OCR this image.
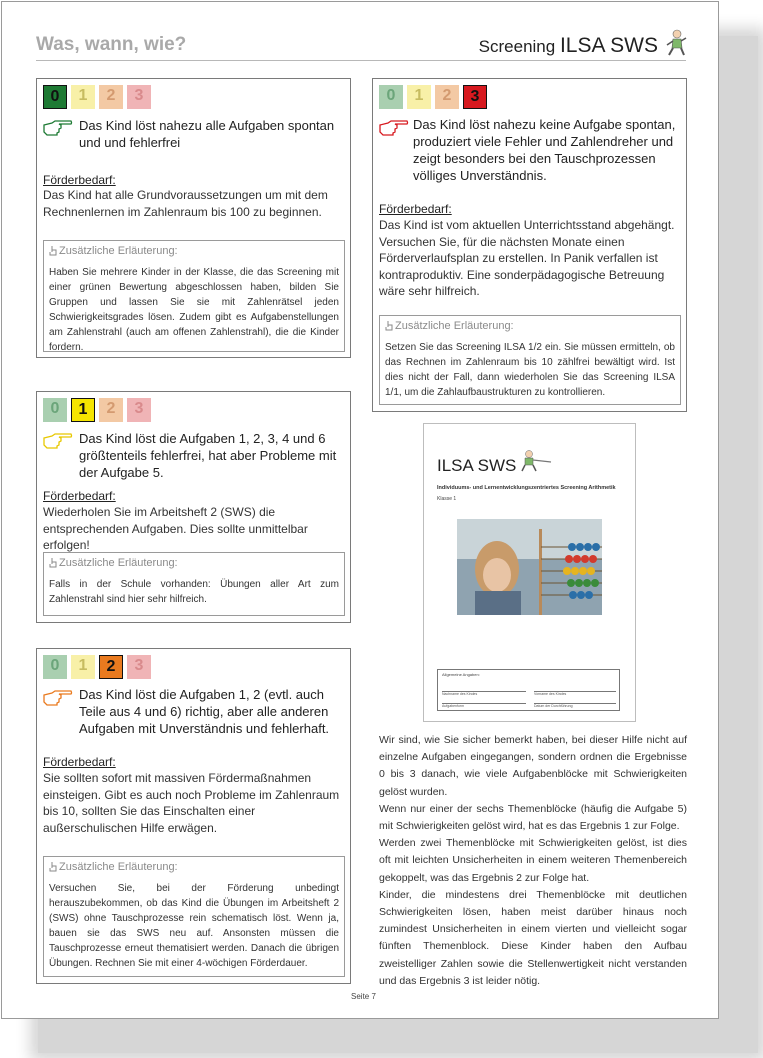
Was, wann, wie?	Screening ILSA SWS
0	1	2	3
Das Kind löst nahezu alle Aufgaben spontan und und fehlerfrei
Förderbedarf:
Das Kind hat alle Grundvoraussetzungen um mit dem Rechnenlernen im Zahlenraum bis 100 zu beginnen.
Zusätzliche Erläuterung:
Haben Sie mehrere Kinder in der Klasse, die das Screening mit einer grünen Bewertung abgeschlossen haben, bilden Sie Gruppen und lassen Sie sie mit Zahlenrätsel jeden Schwierigkeitsgrades lösen. Zudem gibt es Aufgabenstellungen am Zahlenstrahl (auch am offenen Zahlenstrahl), die die Kinder fordern.
0	1	2	3
Das Kind löst die Aufgaben 1, 2, 3, 4 und 6 größtenteils fehlerfrei, hat aber Probleme mit der Aufgabe 5.
Förderbedarf:
Wiederholen Sie im Arbeitsheft 2 (SWS) die entsprechenden Aufgaben. Dies sollte unmittelbar erfolgen!
Zusätzliche Erläuterung:
Falls in der Schule vorhanden: Übungen aller Art zum Zahlenstrahl sind hier sehr hilfreich.
0	1	2	3
Das Kind löst die Aufgaben 1, 2 (evtl. auch Teile aus 4 und 6) richtig, aber alle anderen Aufgaben mit Unverständnis und fehlerhaft.
Förderbedarf:
Sie sollten sofort mit massiven Fördermaßnahmen einsteigen. Gibt es auch noch Probleme im Zahlenraum bis 10, sollten Sie das Einschalten einer außerschulischen Hilfe erwägen.
Zusätzliche Erläuterung:
Versuchen Sie, bei der Förderung unbedingt herauszubekommen, ob das Kind die Übungen im Arbeitsheft 2 (SWS) ohne Tauschprozesse rein schematisch löst. Wenn ja, bauen sie das SWS neu auf. Ansonsten müssen die Tauschprozesse erneut thematisiert werden. Danach die übrigen Übungen. Rechnen Sie mit einer 4-wöchigen Förderdauer.
0	1	2	3
Das Kind löst nahezu keine Aufgabe spontan, produziert viele Fehler und Zahlendreher und zeigt besonders bei den Tauschprozessen völliges Unverständnis.
Förderbedarf:
Das Kind ist vom aktuellen Unterrichtsstand abgehängt. Versuchen Sie, für die nächsten Monate einen Förderverlaufsplan zu erstellen. In Panik verfallen ist kontraproduktiv. Eine sonderpädagogische Betreuung wäre sehr hilfreich.
Zusätzliche Erläuterung:
Setzen Sie das Screening ILSA 1/2 ein. Sie müssen ermitteln, ob das Rechnen im Zahlenraum bis 10 zählfrei bewältigt wird. Ist dies nicht der Fall, dann wiederholen Sie das Screening ILSA 1/1, um die Zahlaufbaustrukturen zu kontrollieren.
ILSA SWS
Individuums- und Lernentwicklungszentriertes Screening Arithmetik
Klasse 1
Allgemeine Angaben:
Nachname des Kindes	Vorname des Kindes
Aufgabenform	Datum der Durchführung

Wir sind, wie Sie sicher bemerkt haben, bei dieser Hilfe nicht auf einzelne Aufgaben eingegangen, sondern ordnen die Ergebnisse 0 bis 3 danach, wie viele Aufgabenblöcke mit Schwierigkeiten gelöst wurden.

Wenn nur einer der sechs Themenblöcke (häufig die Aufgabe 5) mit Schwierigkeiten gelöst wird, hat es das Ergebnis 1 zur Folge.

Werden zwei Themenblöcke mit Schwierigkeiten gelöst, ist dies oft mit leichten Unsicherheiten in einem weiteren Themenbereich gekoppelt, was das Ergebnis 2 zur Folge hat.

Kinder, die mindestens drei Themenblöcke mit deutlichen Schwierigkeiten lösen, haben meist darüber hinaus noch zumindest Unsicherheiten in einem vierten und vielleicht sogar fünften Themenblock. Diese Kinder haben den Aufbau zweistelliger Zahlen sowie die Stellenwertigkeit nicht verstanden und das Ergebnis 3 ist leider nötig.

Seite 7
